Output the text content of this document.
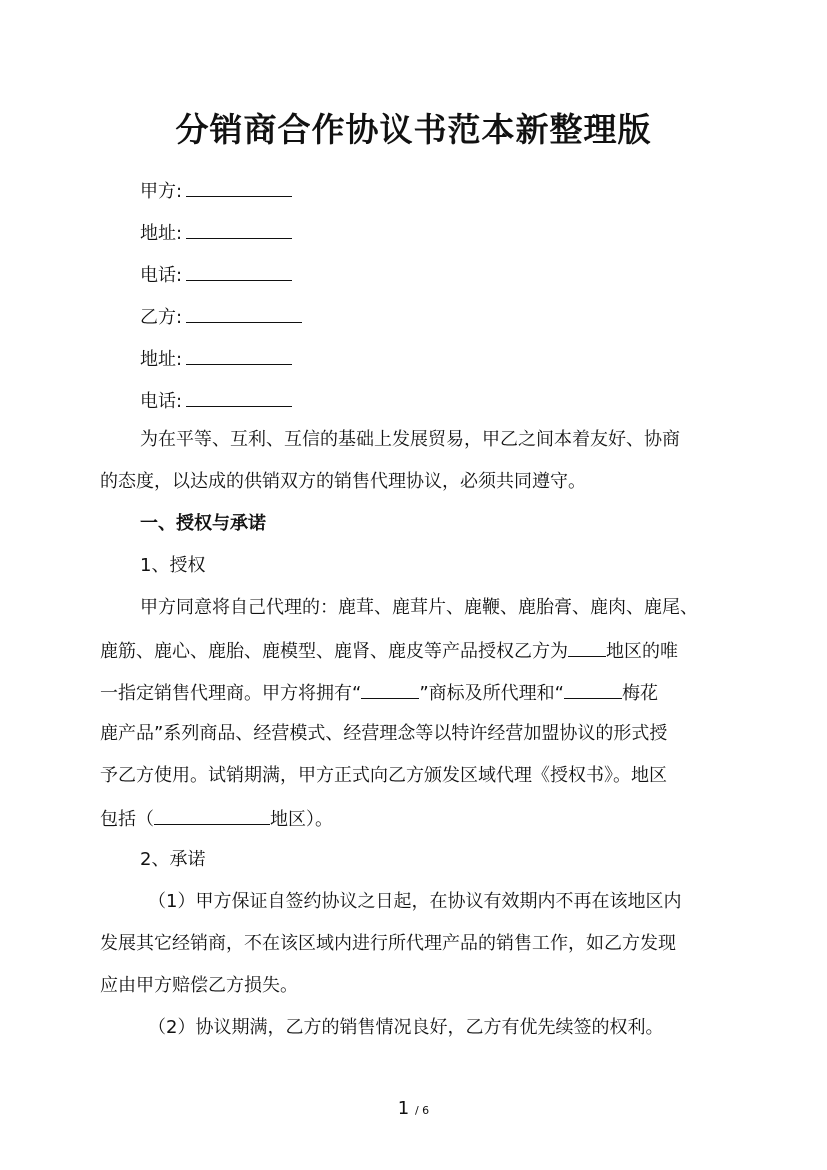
分销商合作协议书范本新整理版
甲方:
地址:
电话:
乙方:
地址:
电话:
为在平等、互利、互信的基础上发展贸易，甲乙之间本着友好、协商
的态度，以达成的供销双方的销售代理协议，必须共同遵守。
一、授权与承诺
1、授权
甲方同意将自己代理的：鹿茸、鹿茸片、鹿鞭、鹿胎膏、鹿肉、鹿尾、
鹿筋、鹿心、鹿胎、鹿模型、鹿肾、鹿皮等产品授权乙方为 地区的唯
一指定销售代理商。甲方将拥有“	”商标及所代理和“	梅花
鹿产品”系列商品、经营模式、经营理念等以特许经营加盟协议的形式授
予乙方使用。试销期满，甲方正式向乙方颁发区域代理《授权书》。地区
包括（	地区）。
2、承诺
（1）甲方保证自签约协议之日起，在协议有效期内不再在该地区内
发展其它经销商，不在该区域内进行所代理产品的销售工作，如乙方发现
应由甲方赔偿乙方损失。
（2）协议期满，乙方的销售情况良好，乙方有优先续签的权利。
1 / 6
